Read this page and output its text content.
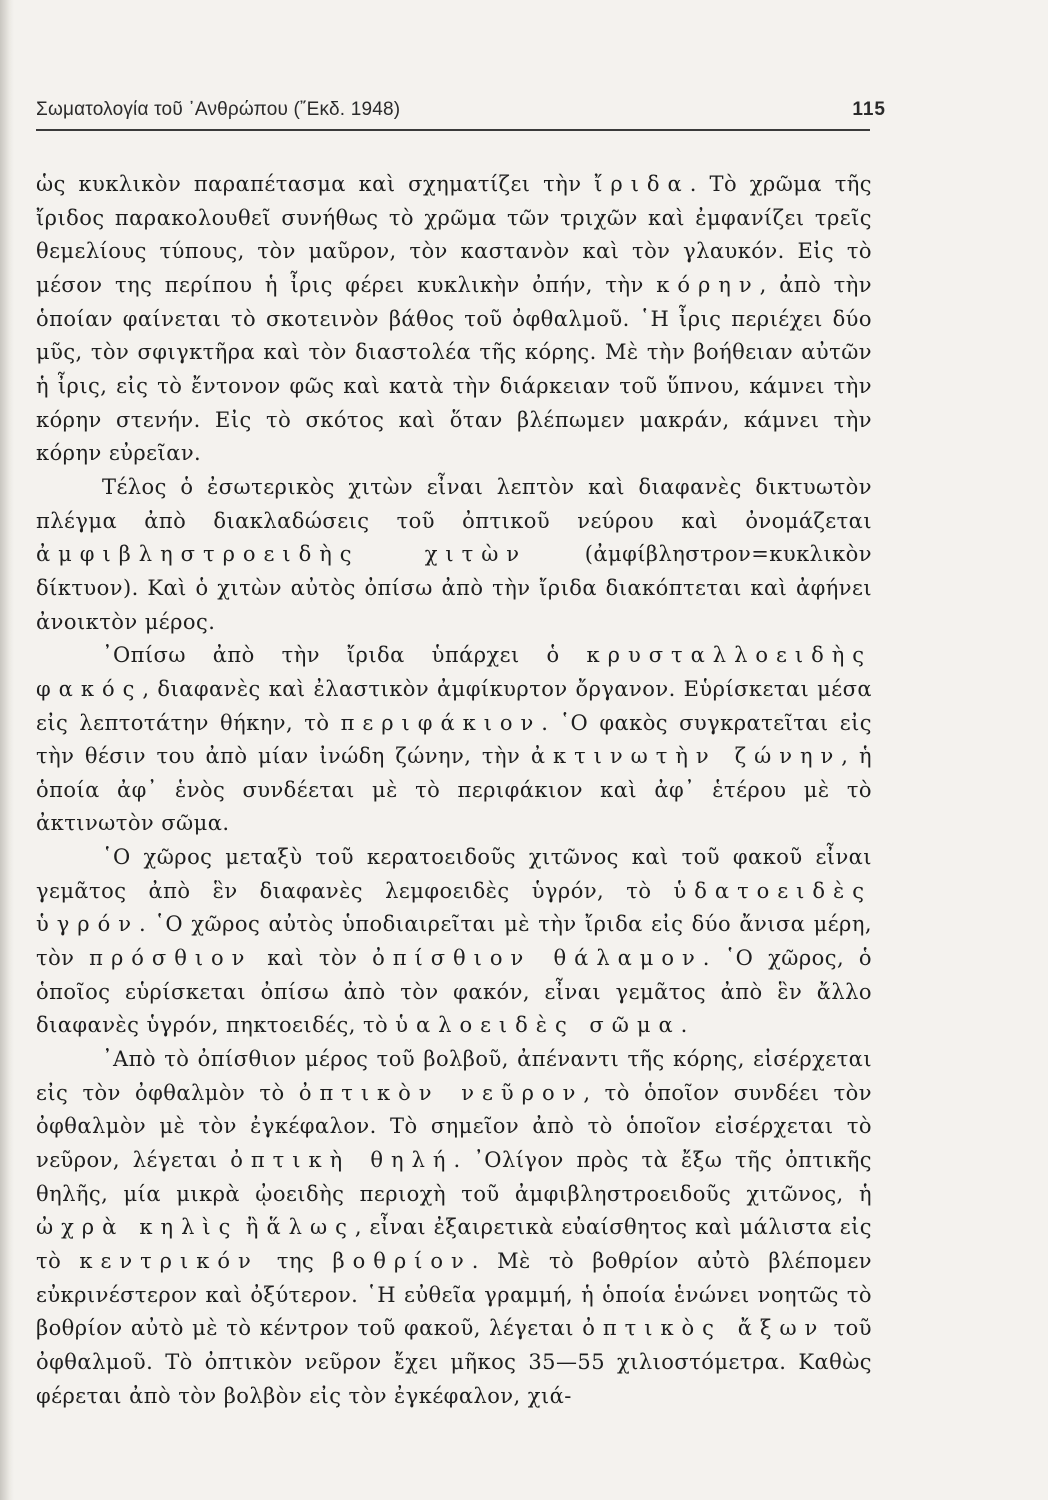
Σωματολογία τοῦ ᾿Ανθρώπου (῎Εκδ. 1948)	115

ὡς κυκλικὸν παραπέτασμα καὶ σχηματίζει τὴν ἴριδα. Τὸ χρῶμα τῆς ἴριδος παρακολουθεῖ συνήθως τὸ χρῶμα τῶν τριχῶν καὶ ἐμφανίζει τρεῖς θεμελίους τύπους, τὸν μαῦρον, τὸν καστανὸν καὶ τὸν γλαυκόν. Εἰς τὸ μέσον της περίπου ἡ ἶρις φέρει κυκλικὴν ὀπήν, τὴν κόρην, ἀπὸ τὴν ὁποίαν φαίνεται τὸ σκοτεινὸν βάθος τοῦ ὀφθαλμοῦ. ῾Η ἶρις περιέχει δύο μῦς, τὸν σφιγκτῆρα καὶ τὸν διαστολέα τῆς κόρης. Μὲ τὴν βοήθειαν αὐτῶν ἡ ἶρις, εἰς τὸ ἔντονον φῶς καὶ κατὰ τὴν διάρκειαν τοῦ ὕπνου, κάμνει τὴν κόρην στενήν. Εἰς τὸ σκότος καὶ ὅταν βλέπωμεν μακράν, κάμνει τὴν κόρην εὐρεῖαν.

Τέλος ὁ ἐσωτερικὸς χιτὼν εἶναι λεπτὸν καὶ διαφανὲς δικτυωτὸν πλέγμα ἀπὸ διακλαδώσεις τοῦ ὀπτικοῦ νεύρου καὶ ὀνομάζεται ἀμφιβληστροειδὴς χιτὼν (ἀμφίβληστρον=κυκλικὸν δίκτυον). Καὶ ὁ χιτὼν αὐτὸς ὀπίσω ἀπὸ τὴν ἴριδα διακόπτεται καὶ ἀφήνει ἀνοικτὸν μέρος.

᾿Οπίσω ἀπὸ τὴν ἴριδα ὑπάρχει ὁ κρυσταλλοειδὴς φακός, διαφανὲς καὶ ἐλαστικὸν ἀμφίκυρτον ὄργανον. Εὑρίσκεται μέσα εἰς λεπτοτάτην θήκην, τὸ περιφάκιον. ῾Ο φακὸς συγκρατεῖται εἰς τὴν θέσιν του ἀπὸ μίαν ἰνώδη ζώνην, τὴν ἀκτινωτὴν ζώνην, ἡ ὁποία ἀφ᾿ ἑνὸς συνδέεται μὲ τὸ περιφάκιον καὶ ἀφ᾿ ἑτέρου μὲ τὸ ἀκτινωτὸν σῶμα.

῾Ο χῶρος μεταξὺ τοῦ κερατοειδοῦς χιτῶνος καὶ τοῦ φακοῦ εἶναι γεμᾶτος ἀπὸ ἓν διαφανὲς λεμφοειδὲς ὑγρόν, τὸ ὑδατοειδὲς ὑγρόν. ῾Ο χῶρος αὐτὸς ὑποδιαιρεῖται μὲ τὴν ἴριδα εἰς δύο ἄνισα μέρη, τὸν πρόσθιον καὶ τὸν ὀπίσθιον θάλαμον. ῾Ο χῶρος, ὁ ὁποῖος εὑρίσκεται ὀπίσω ἀπὸ τὸν φακόν, εἶναι γεμᾶτος ἀπὸ ἓν ἄλλο διαφανὲς ὑγρόν, πηκτοειδές, τὸ ὑαλοειδὲς σῶμα.

᾿Απὸ τὸ ὀπίσθιον μέρος τοῦ βολβοῦ, ἀπέναντι τῆς κόρης, εἰσέρχεται εἰς τὸν ὀφθαλμὸν τὸ ὀπτικὸν νεῦρον, τὸ ὁποῖον συνδέει τὸν ὀφθαλμὸν μὲ τὸν ἐγκέφαλον. Τὸ σημεῖον ἀπὸ τὸ ὁποῖον εἰσέρχεται τὸ νεῦρον, λέγεται ὀπτικὴ θηλή. ᾿Ολίγον πρὸς τὰ ἔξω τῆς ὀπτικῆς θηλῆς, μία μικρὰ ᾠοειδὴς περιοχὴ τοῦ ἀμφιβληστροειδοῦς χιτῶνος, ἡ ὠχρὰ κηλὶς ἢ ἅλως, εἶναι ἐξαιρετικὰ εὐαίσθητος καὶ μάλιστα εἰς τὸ κεντρικόν της βοθρίον. Μὲ τὸ βοθρίον αὐτὸ βλέπομεν εὐκρινέστερον καὶ ὀξύτερον. ῾Η εὐθεῖα γραμμή, ἡ ὁποία ἑνώνει νοητῶς τὸ βοθρίον αὐτὸ μὲ τὸ κέντρον τοῦ φακοῦ, λέγεται ὀπτικὸς ἄξων τοῦ ὀφθαλμοῦ. Τὸ ὀπτικὸν νεῦρον ἔχει μῆκος 35—55 χιλιοστόμετρα. Καθὼς φέρεται ἀπὸ τὸν βολβὸν εἰς τὸν ἐγκέφαλον, χιά-
